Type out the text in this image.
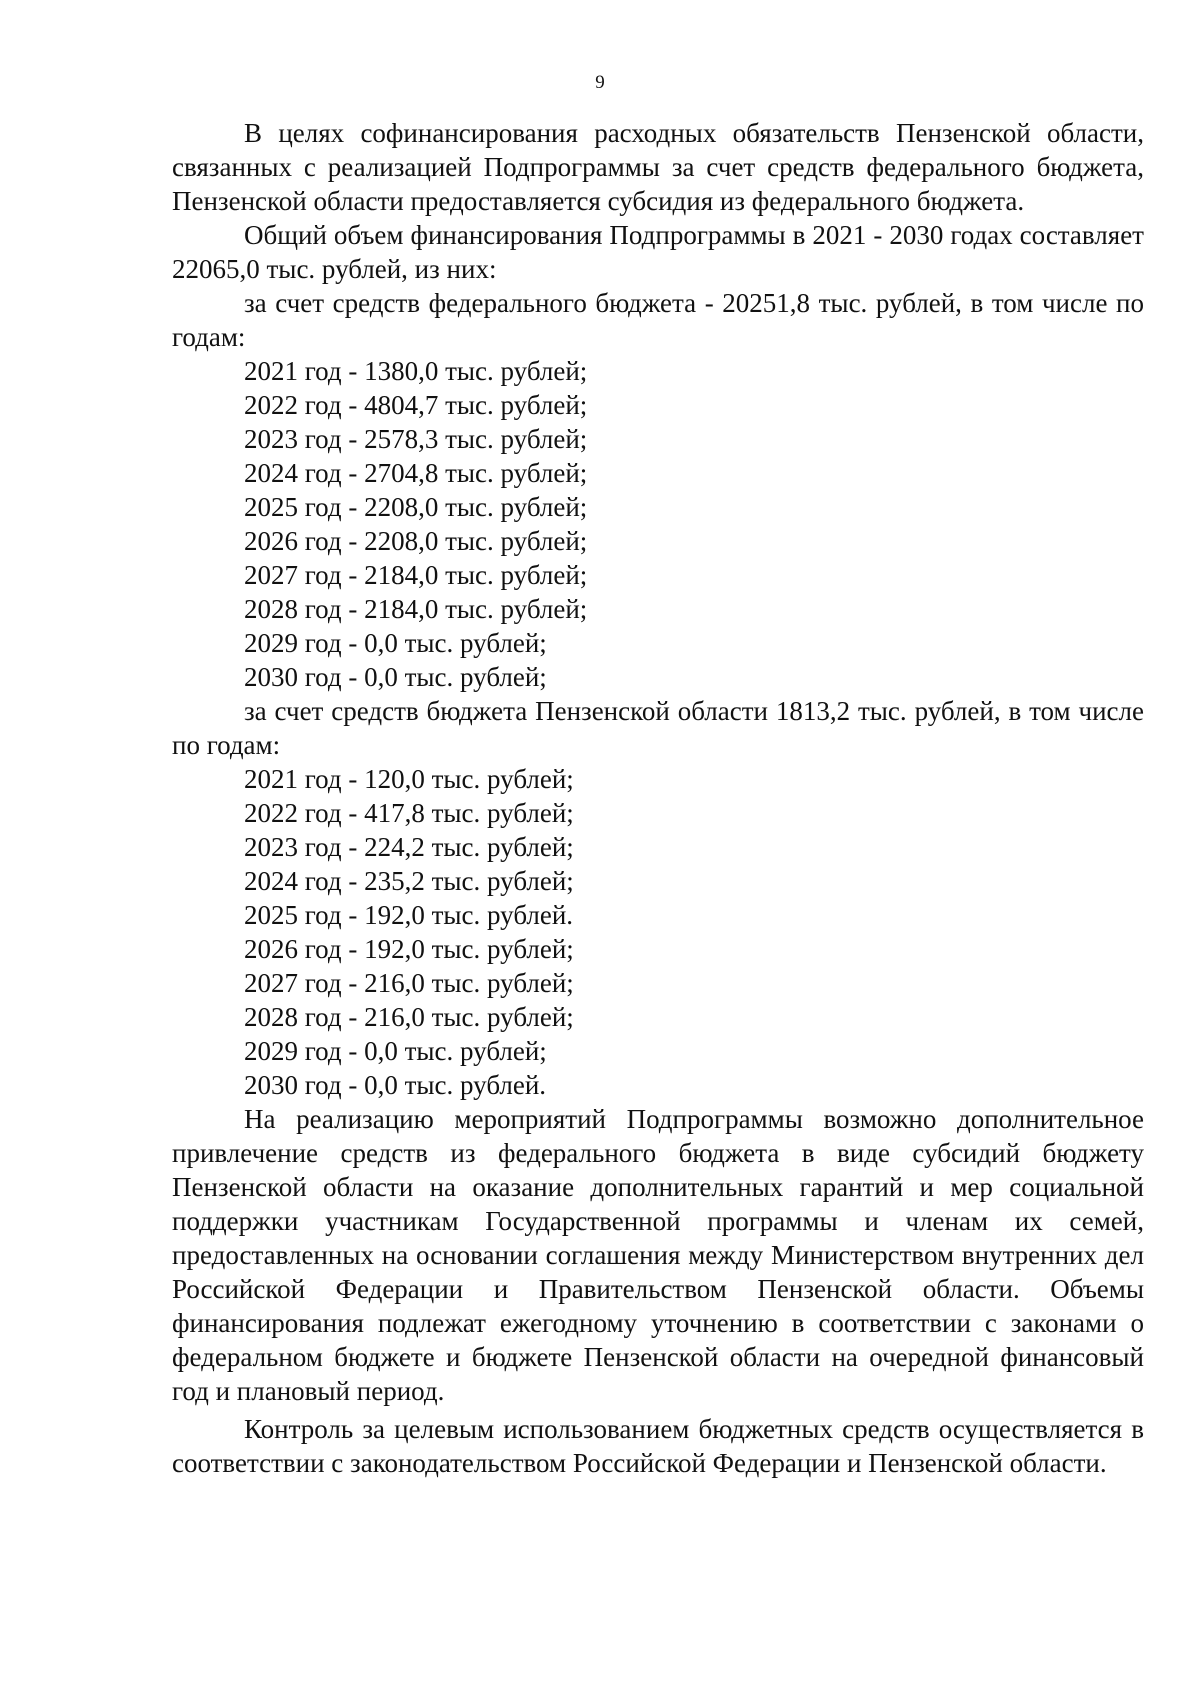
9

В целях софинансирования расходных обязательств Пензенской области, связанных с реализацией Подпрограммы за счет средств федерального бюджета, Пензенской области предоставляется субсидия из федерального бюджета.

Общий объем финансирования Подпрограммы в 2021 - 2030 годах составляет 22065,0 тыс. рублей, из них:

за счет средств федерального бюджета - 20251,8 тыс. рублей, в том числе по годам:

2021 год - 1380,0 тыс. рублей;

2022 год - 4804,7 тыс. рублей;

2023 год - 2578,3 тыс. рублей;

2024 год - 2704,8 тыс. рублей;

2025 год - 2208,0 тыс. рублей;

2026 год - 2208,0 тыс. рублей;

2027 год - 2184,0 тыс. рублей;

2028 год - 2184,0 тыс. рублей;

2029 год - 0,0 тыс. рублей;

2030 год - 0,0 тыс. рублей;

за счет средств бюджета Пензенской области 1813,2 тыс. рублей, в том числе по годам:

2021 год - 120,0 тыс. рублей;

2022 год - 417,8 тыс. рублей;

2023 год - 224,2 тыс. рублей;

2024 год - 235,2 тыс. рублей;

2025 год - 192,0 тыс. рублей.

2026 год - 192,0 тыс. рублей;

2027 год - 216,0 тыс. рублей;

2028 год - 216,0 тыс. рублей;

2029 год - 0,0 тыс. рублей;

2030 год - 0,0 тыс. рублей.

На реализацию мероприятий Подпрограммы возможно дополнительное привлечение средств из федерального бюджета в виде субсидий бюджету Пензенской области на оказание дополнительных гарантий и мер социальной поддержки участникам Государственной программы и членам их семей, предоставленных на основании соглашения между Министерством внутренних дел Российской Федерации и Правительством Пензенской области. Объемы финансирования подлежат ежегодному уточнению в соответствии с законами о федеральном бюджете и бюджете Пензенской области на очередной финансовый год и плановый период.

Контроль за целевым использованием бюджетных средств осуществляется в соответствии с законодательством Российской Федерации и Пензенской области.
